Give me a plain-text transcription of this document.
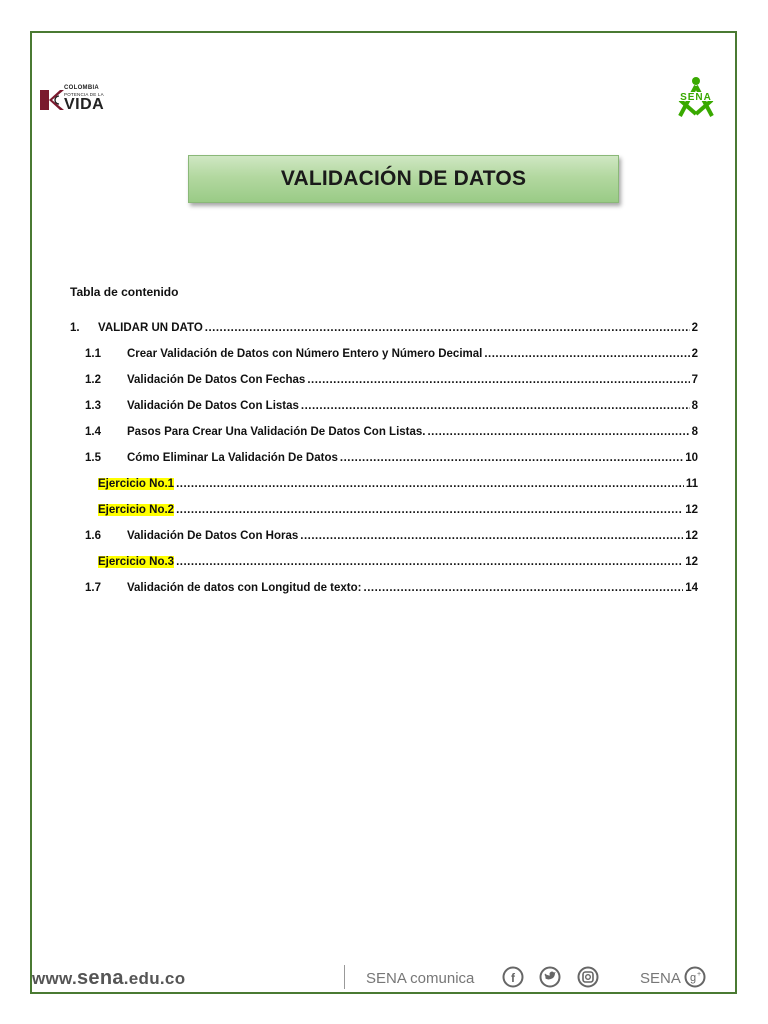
COLOMBIA
POTENCIA DE LA
VIDA	SENA
VALIDACIÓN DE DATOS
Tabla de contenido
1.	VALIDAR UN DATO .....	2
1.1	Crear Validación de Datos con Número Entero y Número Decimal .....	2
1.2	Validación De Datos Con Fechas .....	7
1.3	Validación De Datos Con Listas .....	8
1.4	Pasos Para Crear Una Validación De Datos Con Listas. .....	8
1.5	Cómo Eliminar La Validación De Datos .....	10
Ejercicio No.1 .....	11
Ejercicio No.2 .....	12
1.6	Validación De Datos Con Horas .....	12
Ejercicio No.3 .....	12
1.7	Validación de datos con Longitud de texto: .....	14
www.sena.edu.co	SENA comunica	f	SENA g +
